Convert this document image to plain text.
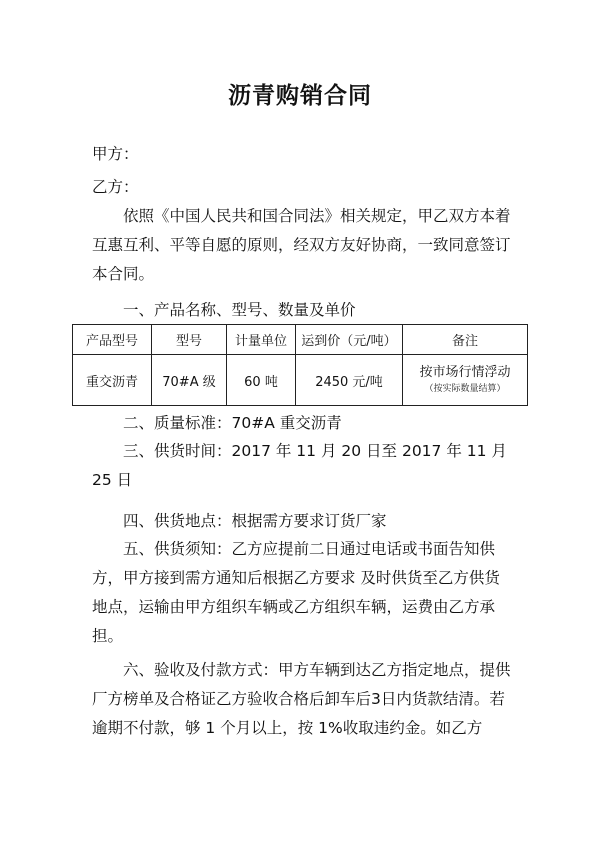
沥青购销合同
甲方：
乙方：
依照《中国人民共和国合同法》相关规定，甲乙双方本着互惠互利、平等自愿的原则，经双方友好协商，一致同意签订本合同。
一、产品名称、型号、数量及单价
产品型号	型号	计量单位	运到价（元/吨）	备注
重交沥青	70#A 级	60 吨	2450 元/吨	按市场行情浮动
（按实际数量结算）
二、质量标准：70#A 重交沥青
三、供货时间：2017 年 11 月 20 日至 2017 年 11 月 25 日
四、供货地点：根据需方要求订货厂家
五、供货须知：乙方应提前二日通过电话或书面告知供方，甲方接到需方通知后根据乙方要求 及时供货至乙方供货地点，运输由甲方组织车辆或乙方组织车辆，运费由乙方承担。
六、验收及付款方式：甲方车辆到达乙方指定地点，提供厂方榜单及合格证乙方验收合格后卸车后3日内货款结清。若逾期不付款，够 1 个月以上，按 1%收取违约金。如乙方
